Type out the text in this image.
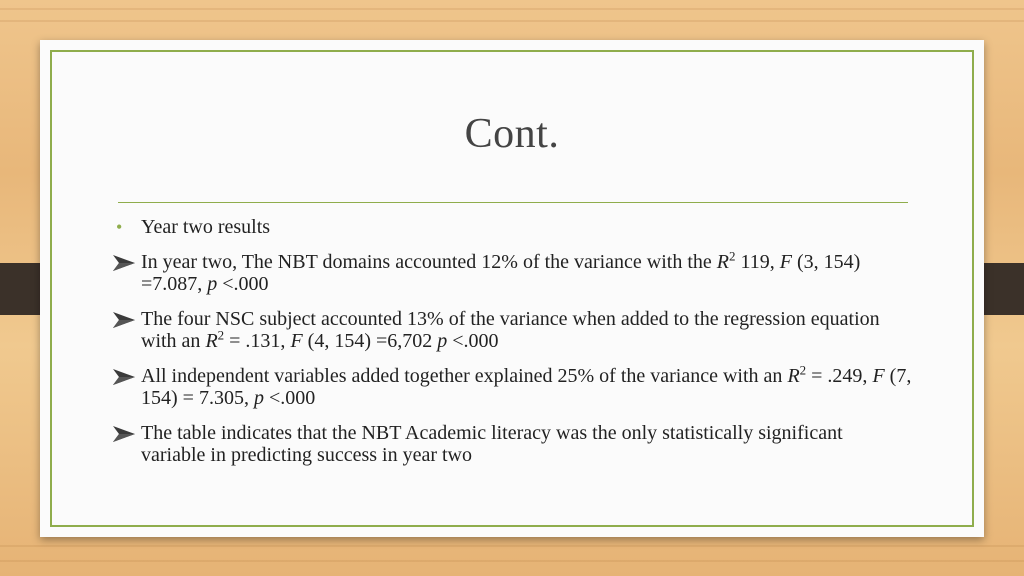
Cont.
• Year two results
In year two, The NBT domains accounted 12% of the variance with the $R^2$ 119, F (3, 154) =7.087, p <.000
The four NSC subject accounted 13% of the variance when added to the regression equation with an $R^2 = .131$, F (4, 154) =6,702 p <.000
All independent variables added together explained 25% of the variance with an $R^2 = .249$, F (7, 154) = 7.305, p <.000
The table indicates that the NBT Academic literacy was the only statistically significant variable in predicting success in year two
